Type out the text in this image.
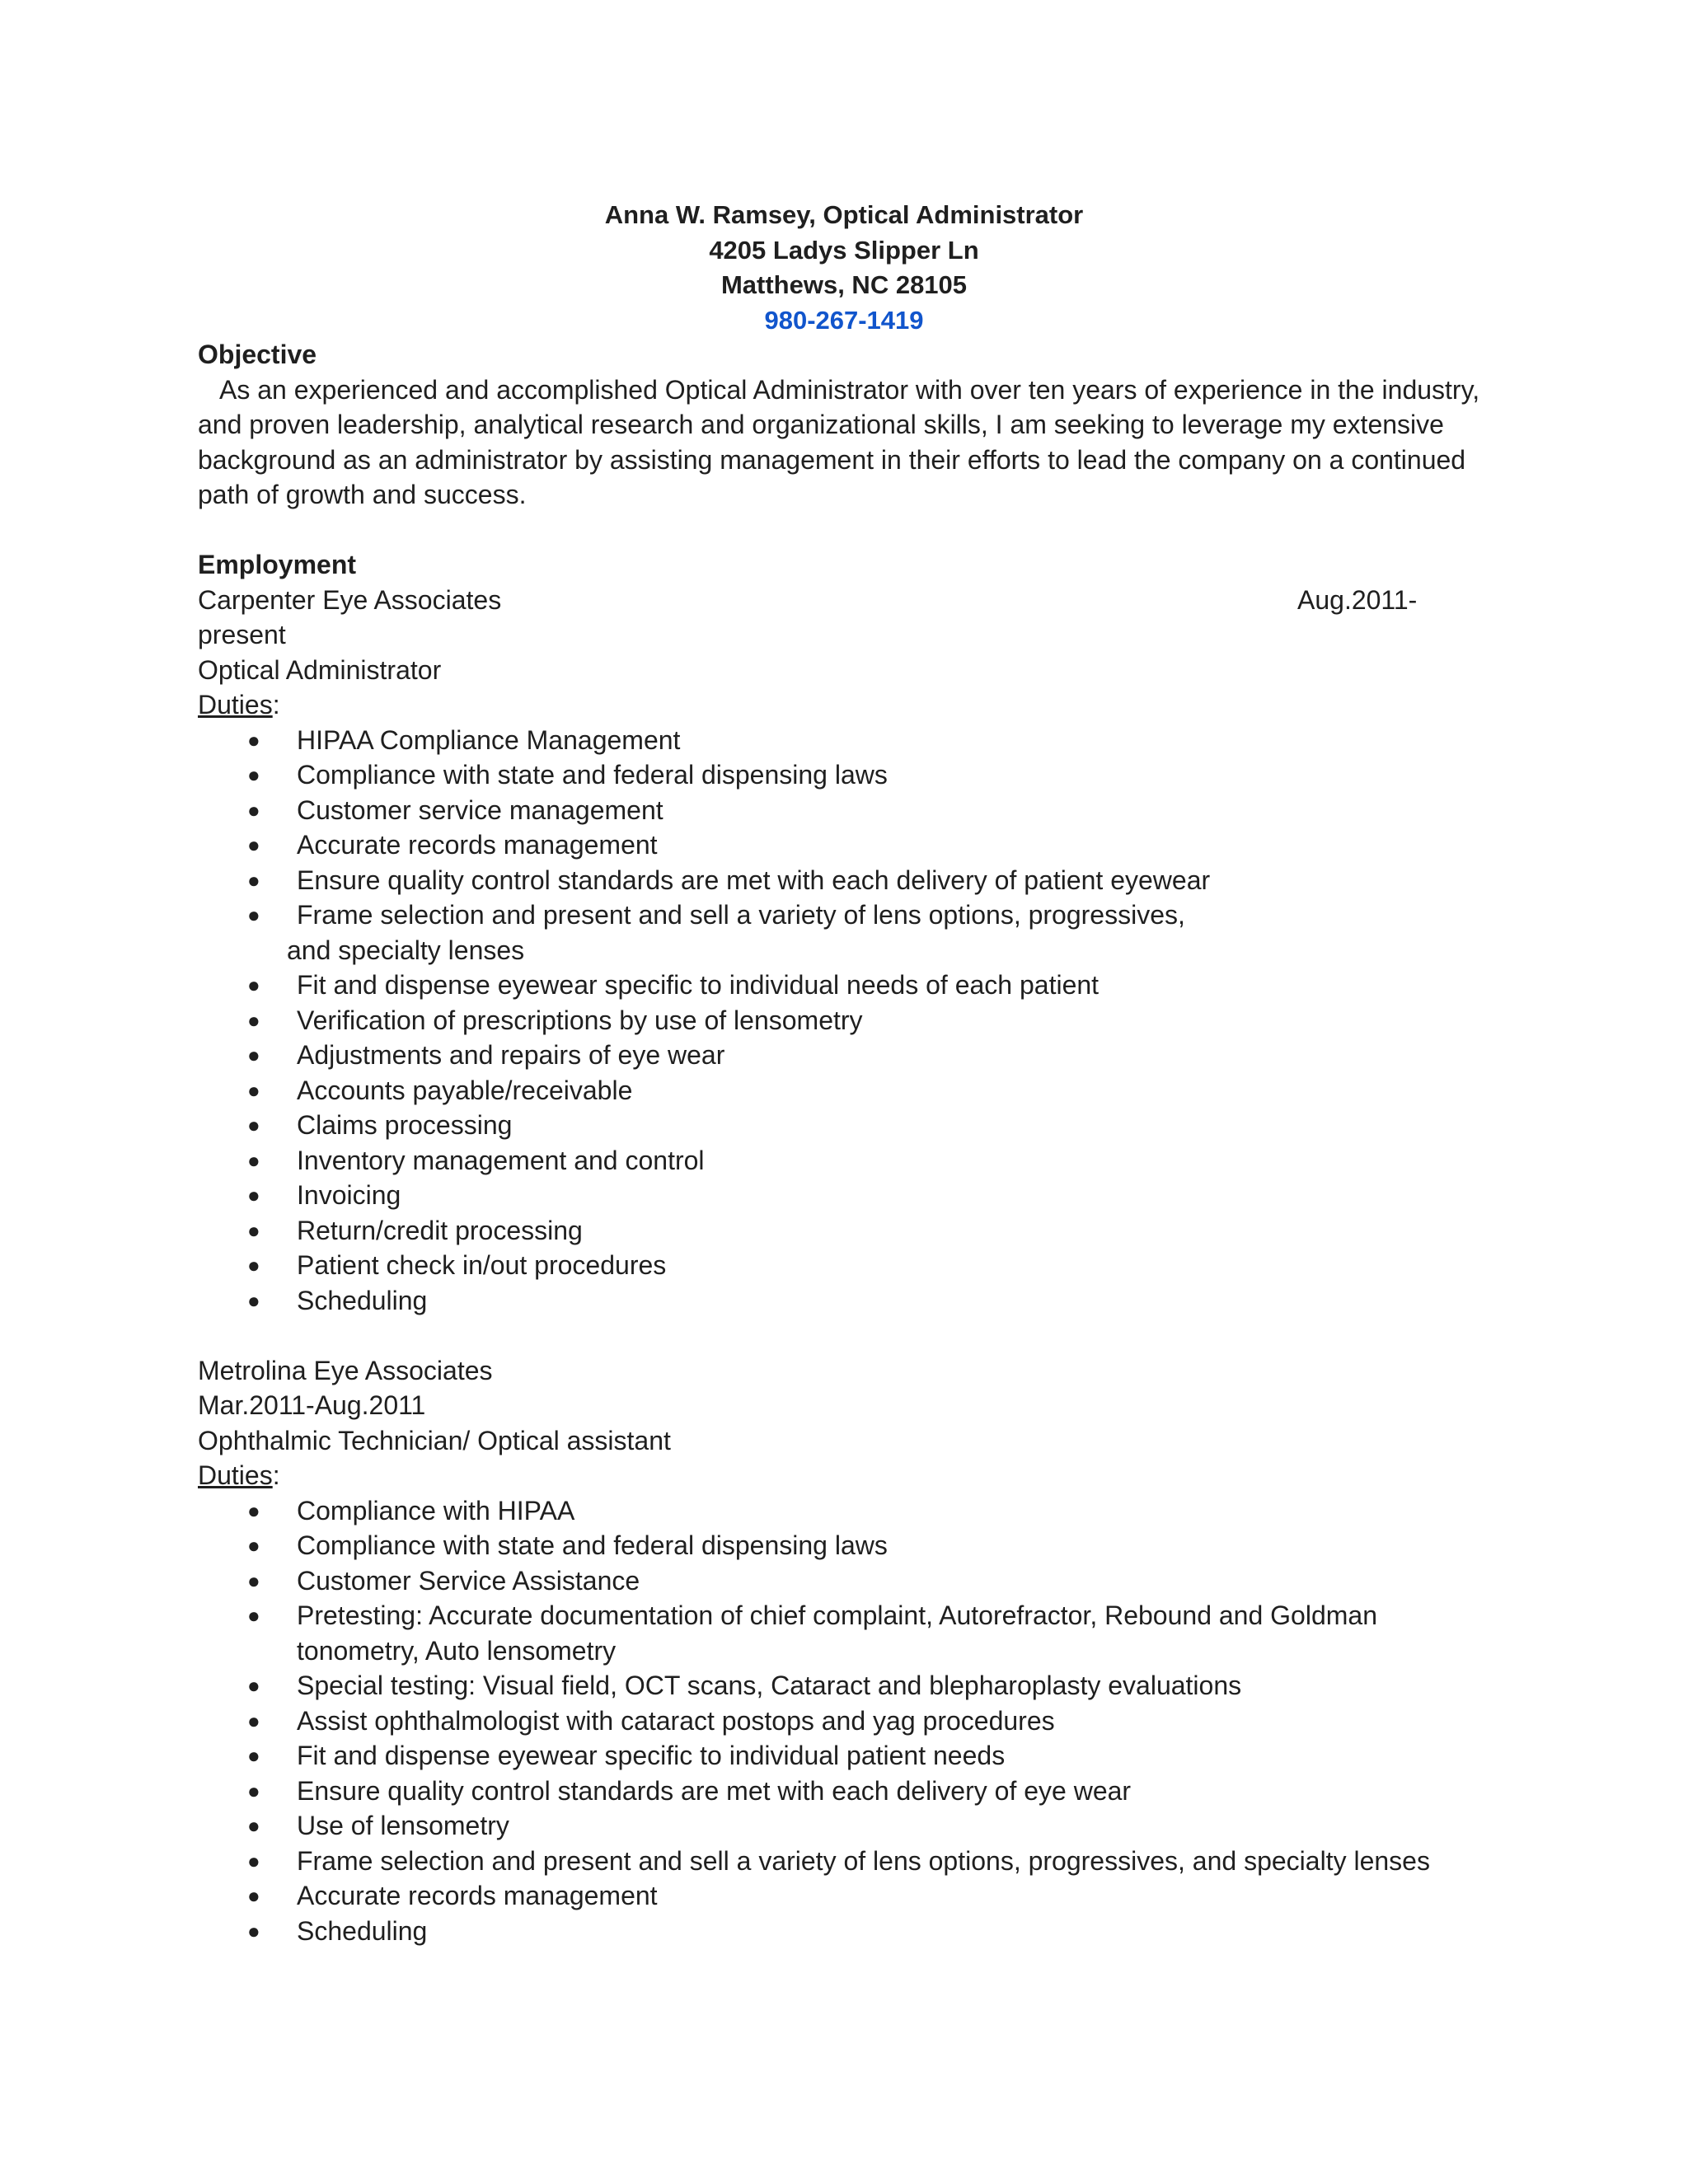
Anna W. Ramsey, Optical Administrator
4205 Ladys Slipper Ln
Matthews, NC 28105
980-267-1419
Objective
As an experienced and accomplished Optical Administrator with over ten years of experience in the industry, and proven leadership, analytical research and organizational skills, I am seeking to leverage my extensive background as an administrator by assisting management in their efforts to lead the company on a continued path of growth and success.
Employment
Carpenter Eye Associates	Aug.2011-
present
Optical Administrator
Duties:
● HIPAA Compliance Management
● Compliance with state and federal dispensing laws
● Customer service management
● Accurate records management
● Ensure quality control standards are met with each delivery of patient eyewear
● Frame selection and present and sell a variety of lens options, progressives,
and specialty lenses
● Fit and dispense eyewear specific to individual needs of each patient
● Verification of prescriptions by use of lensometry
● Adjustments and repairs of eye wear
● Accounts payable/receivable
● Claims processing
● Inventory management and control
● Invoicing
● Return/credit processing
● Patient check in/out procedures
● Scheduling
Metrolina Eye Associates
Mar.2011-Aug.2011
Ophthalmic Technician/ Optical assistant
Duties:
● Compliance with HIPAA
● Compliance with state and federal dispensing laws
● Customer Service Assistance
● Pretesting: Accurate documentation of chief complaint, Autorefractor, Rebound and Goldman
tonometry, Auto lensometry
● Special testing: Visual field, OCT scans, Cataract and blepharoplasty evaluations
● Assist ophthalmologist with cataract postops and yag procedures
● Fit and dispense eyewear specific to individual patient needs
● Ensure quality control standards are met with each delivery of eye wear
● Use of lensometry
● Frame selection and present and sell a variety of lens options, progressives, and specialty lenses
● Accurate records management
● Scheduling
